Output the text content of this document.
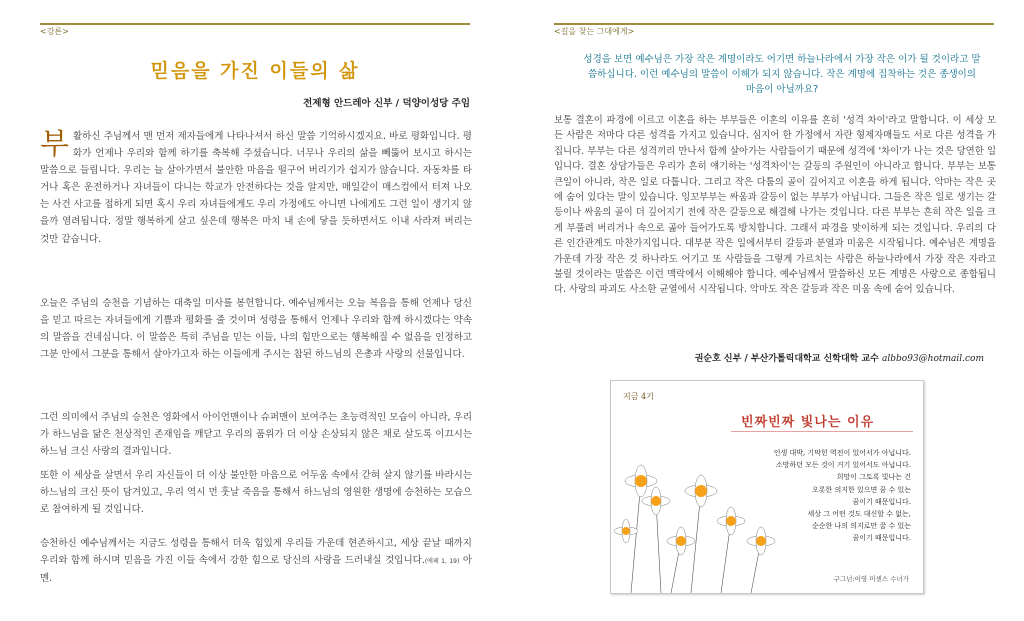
<강론>
믿음을 가진 이들의 삶
전제형 안드레아 신부 / 덕양이성당 주임
부 활하신 주님께서 맨 먼저 제자들에게 나타나셔서 하신 말씀 기억하시겠지요. 바로 평화입니다. 평화가 언제나 우리와 함께 하기를 축복해 주셨습니다. 너무나 우리의 삶을 뻬뚫어 보시고 하시는 말씀으로 들립니다. 우리는 늘 살아가면서 불안한 마음을 떨구어 버리기가 쉽지가 않습니다. 자동차를 타거나 혹은 운전하거나 자녀들이 다니는 학교가 안전하다는 것을 알지만, 매일같이 매스컴에서 터져 나오는 사건 사고를 접하게 되면 혹시 우리 자녀들에게도 우리 가정에도 아니면 나에게도 그런 일이 생기지 않을까 염려됩니다. 정말 행복하게 살고 싶은데 행복은 마치 내 손에 닿을 듯하면서도 이내 사라져 버리는 것만 같습니다.
오늘은 주님의 승천을 기념하는 대축일 미사를 봉헌합니다. 예수님께서는 오늘 복음을 통해 언제나 당신을 믿고 따르는 자녀들에게 기쁨과 평화를 줄 것이며 성령을 통해서 언제나 우리와 함께 하시겠다는 약속의 말씀을 건네십니다. 이 말씀은 특히 주님을 믿는 이들, 나의 힘만으로는 행복해질 수 없음을 인정하고 그분 안에서 그분을 통해서 살아가고자 하는 이들에게 주시는 참된 하느님의 은총과 사랑의 선물입니다.
그런 의미에서 주님의 승천은 영화에서 아이언맨이나 슈퍼맨이 보여주는 초능력적인 모습이 아니라, 우리가 하느님을 닮은 천상적인 존재임을 깨닫고 우리의 품위가 더 이상 손상되지 않은 채로 살도록 이끄시는 하느님 크신 사랑의 결과입니다.
또한 이 세상을 살면서 우리 자신들이 더 이상 불안한 마음으로 어두움 속에서 갇혀 살지 않기를 바라시는 하느님의 크신 뜻이 담겨있고, 우리 역시 먼 훗날 죽음을 통해서 하느님의 영원한 생명에 승천하는 모습으로 참여하게 될 것입니다.
승천하신 예수님께서는 지금도 성령을 통해서 더욱 힘있게 우리들 가운데 현존하시고, 세상 끝날 때까지 우리와 함께 하시며 믿음을 가진 이들 속에서 강한 힘으로 당신의 사랑을 드러내실 것입니다.(에페 1, 19) 아멘.
<길을 찾는 그대에게>
성경을 보면 예수님은 가장 작은 계명이라도 어기면 하늘나라에서 가장 작은 이가 될 것이라고 말씀하십니다. 이런 예수님의 말씀이 이해가 되지 않습니다. 작은 계명에 집착하는 것은 종생이의 마음이 아닐까요?
보통 결혼이 파경에 이르고 이혼을 하는 부부들은 이혼의 이유를 흔히 '성격 차이'라고 말합니다. 이 세상 모든 사람은 저마다 다른 성격을 가지고 있습니다. 심지어 한 가정에서 자란 형제자매들도 서로 다른 성격을 가집니다. 부부는 다른 성격끼리 만나서 함께 살아가는 사람들이기 때문에 성격에 '차이'가 나는 것은 당연한 일입니다. 결혼 상담가들은 우리가 흔히 얘기하는 '성격차이'는 갈등의 주원인이 아니라고 합니다. 부부는 보통 큰일이 아니라, 작은 일로 다툽니다. 그리고 작은 다툼의 골이 깊어지고 이혼을 하게 됩니다. 악마는 작은 곳에 숨어 있다는 말이 있습니다. 잉꼬부부는 싸움과 갈등이 없는 부부가 아닙니다. 그들은 작은 일로 생기는 갈등이나 싸움의 골이 더 깊어지기 전에 작은 갈등으로 해결해 나가는 것입니다. 다른 부부는 흔히 작은 일을 크게 부풀려 버리거나 속으로 곪아 들어가도록 방치합니다. 그래서 파경을 맞이하게 되는 것입니다. 우리의 다른 인간관계도 마찬가지입니다. 대부분 작은 일에서부터 갈등과 분열과 미움은 시작됩니다. 예수님은 계명을 가운데 가장 작은 것 하나라도 어기고 또 사람들을 그렇게 가르치는 사람은 하늘나라에서 가장 작은 자라고 불릴 것이라는 말씀은 이런 맥락에서 이해해야 합니다. 예수님께서 말씀하신 모든 계명은 사랑으로 종합됩니다. 사랑의 파괴도 사소한 균열에서 시작됩니다. 악마도 작은 갈등과 작은 미움 속에 숨어 있습니다.
권순호 신부 / 부산가톨릭대학교 신학대학 교수 albbo93@hotmail.com
지금 4기
빈짜빈짜 빛나는 이유
인생 대박, 기막힌 역전이 있어서가 아닙니다.
소망하던 모든 것이 거기 있어서도 아닙니다.
희망이 그토록 빛나는 건
오롯한 의지한 있으면 꿈 수 있는
꿈이기 때문입니다.
세상 그 어떤 것도 대신할 수 없는,
순순한 나의 의지로만 꿀 수 있는
꿈이기 때문입니다.
구그넌:이영 미센스 수녀가
